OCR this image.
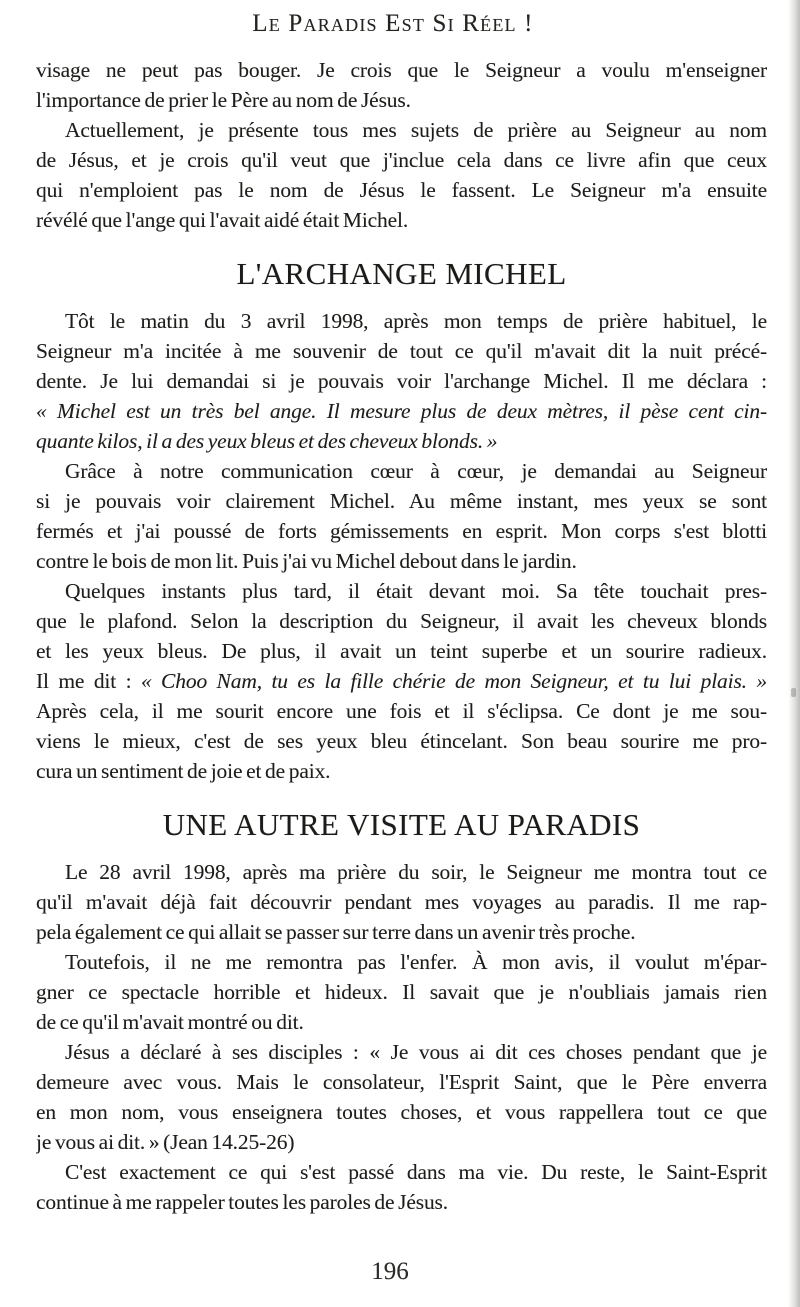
Le Paradis Est Si Réel !
visage ne peut pas bouger. Je crois que le Seigneur a voulu m'enseigner
l'importance de prier le Père au nom de Jésus.
Actuellement, je présente tous mes sujets de prière au Seigneur au nom
de Jésus, et je crois qu'il veut que j'inclue cela dans ce livre afin que ceux
qui n'emploient pas le nom de Jésus le fassent. Le Seigneur m'a ensuite
révélé que l'ange qui l'avait aidé était Michel.
L'ARCHANGE MICHEL
Tôt le matin du 3 avril 1998, après mon temps de prière habituel, le
Seigneur m'a incitée à me souvenir de tout ce qu'il m'avait dit la nuit précé-
dente. Je lui demandai si je pouvais voir l'archange Michel. Il me déclara :
« Michel est un très bel ange. Il mesure plus de deux mètres, il pèse cent cin-
quante kilos, il a des yeux bleus et des cheveux blonds. »
Grâce à notre communication cœur à cœur, je demandai au Seigneur
si je pouvais voir clairement Michel. Au même instant, mes yeux se sont
fermés et j'ai poussé de forts gémissements en esprit. Mon corps s'est blotti
contre le bois de mon lit. Puis j'ai vu Michel debout dans le jardin.
Quelques instants plus tard, il était devant moi. Sa tête touchait pres-
que le plafond. Selon la description du Seigneur, il avait les cheveux blonds
et les yeux bleus. De plus, il avait un teint superbe et un sourire radieux.
Il me dit : « Choo Nam, tu es la fille chérie de mon Seigneur, et tu lui plais. »
Après cela, il me sourit encore une fois et il s'éclipsa. Ce dont je me sou-
viens le mieux, c'est de ses yeux bleu étincelant. Son beau sourire me pro-
cura un sentiment de joie et de paix.
UNE AUTRE VISITE AU PARADIS
Le 28 avril 1998, après ma prière du soir, le Seigneur me montra tout ce
qu'il m'avait déjà fait découvrir pendant mes voyages au paradis. Il me rap-
pela également ce qui allait se passer sur terre dans un avenir très proche.
Toutefois, il ne me remontra pas l'enfer. À mon avis, il voulut m'épar-
gner ce spectacle horrible et hideux. Il savait que je n'oubliais jamais rien
de ce qu'il m'avait montré ou dit.
Jésus a déclaré à ses disciples : « Je vous ai dit ces choses pendant que je
demeure avec vous. Mais le consolateur, l'Esprit Saint, que le Père enverra
en mon nom, vous enseignera toutes choses, et vous rappellera tout ce que
je vous ai dit. » (Jean 14.25-26)
C'est exactement ce qui s'est passé dans ma vie. Du reste, le Saint-Esprit
continue à me rappeler toutes les paroles de Jésus.
196
